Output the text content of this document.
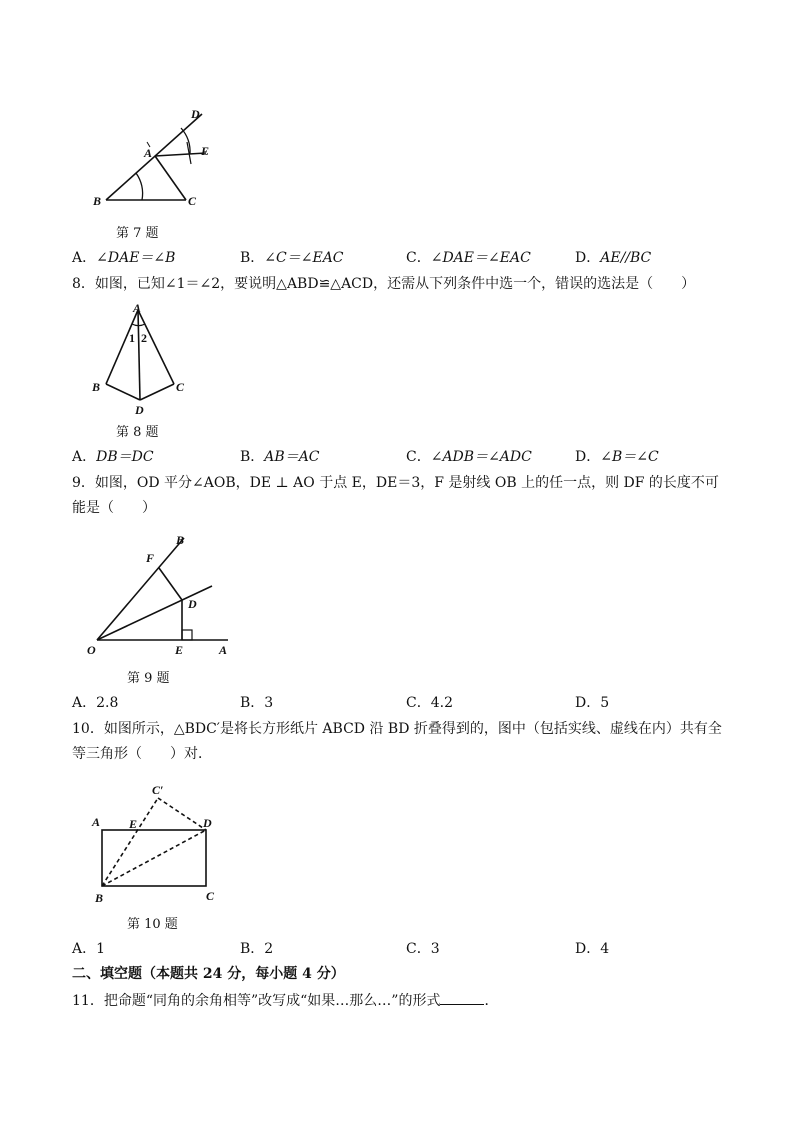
D
A	E
B	C
第 7 题
A．∠DAE＝∠B	B．∠C＝∠EAC	C．∠DAE＝∠EAC	D．AE//BC
8．如图，已知∠1＝∠2，要说明△ABD≌△ACD，还需从下列条件中选一个，错误的选法是（　　）
A
1 2
B	C
D
第 8 题
A．DB＝DC	B．AB＝AC	C．∠ADB＝∠ADC	D．∠B＝∠C
9．如图，OD 平分∠AOB，DE ⊥ AO 于点 E，DE＝3，F 是射线 OB 上的任一点，则 DF 的长度不可
能是（　　）
B
F
D
O	E	A
第 9 题
A．2.8	B．3	C．4.2	D．5
10．如图所示，△BDC′是将长方形纸片 ABCD 沿 BD 折叠得到的，图中（包括实线、虚线在内）共有全
等三角形（　　）对．
C′
A E	D
B	C
第 10 题
A．1	B．2	C．3	D．4
二、填空题（本题共 24 分，每小题 4 分）
11．把命题“同角的余角相等”改写成“如果…那么…”的形式	．
